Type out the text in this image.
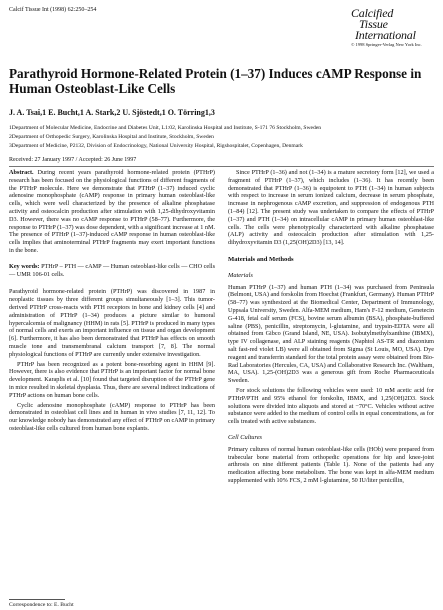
Calcif Tissue Int (1998) 62:250–254	Calcified
Tissue
International
© 1998 Springer-Verlag New York Inc.
Parathyroid Hormone-Related Protein (1–37) Induces cAMP Response in Human Osteoblast-Like Cells
J. A. Tsai,1 E. Bucht,1 A. Stark,2 U. Sjöstedt,1 O. Törring1,3
1Department of Molecular Medicine, Endocrine and Diabetes Unit, L1:02, Karolinska Hospital and Institute, S-171 76 Stockholm, Sweden
2Department of Orthopedic Surgery, Karolinska Hospital and Institute, Stockholm, Sweden
3Department of Medicine, P2132, Division of Endocrinology, National University Hospital, Rigshospitalet, Copenhagen, Denmark
Received: 27 January 1997 / Accepted: 26 June 1997

Abstract. During recent years parathyroid hormone-related protein (PTHrP) research has been focused on the physiological functions of different fragments of the PTHrP molecule. Here we demonstrate that PTHrP (1–37) induced cyclic adenosine monophosphate (cAMP) response in primary human osteoblast-like cells, which were well characterized by the presence of alkaline phosphatase activity and osteocalcin production after stimulation with 1,25-dihydroxyvitamin D3. However, there was no cAMP response to PTHrP (58–77). Furthermore, the response to PTHrP (1–37) was dose dependent, with a significant increase at 1 nM. The presence of PTHrP (1–37)-induced cAMP response in human osteoblast-like cells implies that aminoterminal PTHrP fragments may exert important functions in the bone.

Key words: PTHrP – PTH — cAMP — Human osteoblast-like cells — CHO cells — UMR 106-01 cells.

Parathyroid hormone-related protein (PTHrP) was discovered in 1987 in neoplastic tissues by three different groups simultaneously [1–3]. This tumor-derived PTHrP cross-reacts with PTH receptors in bone and kidney cells [4] and administration of PTHrP (1–34) produces a picture similar to humoral hypercalcemia of malignancy (HHM) in rats [5]. PTHrP is produced in many types of normal cells and exerts an important influence on tissue and organ development [6]. Furthermore, it has also been demonstrated that PTHrP has effects on smooth muscle tone and transmembranal calcium transport [7, 8]. The normal physiological functions of PTHrP are currently under extensive investigation.

PTHrP has been recognized as a potent bone-resorbing agent in HHM [9]. However, there is also evidence that PTHrP is an important factor for normal bone development. Karaplis et al. [10] found that targeted disruption of the PTHrP gene in mice resulted in skeletal dysplasia. Thus, there are several indirect indications of PTHrP actions on human bone cells.

Cyclic adenosine monophosphate (cAMP) response to PTHrP has been demonstrated in osteoblast cell lines and in human in vivo studies [7, 11, 12]. To our knowledge nobody has demonstrated any effect of PTHrP on cAMP in primary osteoblast-like cells cultured from human bone explants.

Since PTHrP (1–36) and not (1–34) is a mature secretory form [12], we used a fragment of PTHrP (1–37), which includes (1–36). It has recently been demonstrated that PTHrP (1–36) is equipotent to PTH (1–34) in human subjects with respect to increase in serum ionized calcium, decrease in serum phosphate, increase in nephrogenous cAMP excretion, and suppression of endogenous PTH (1–84) [12]. The present study was undertaken to compare the effects of PTHrP (1–37) and PTH (1–34) on intracellular cAMP in primary human osteoblast-like cells. The cells were phenotypically characterized with alkaline phosphatase (ALP) activity and osteocalcin production after stimulation with 1,25-dihydroxyvitamin D3 (1,25(OH)2D3) [13, 14].

Materials and Methods
Materials

Human PTHrP (1–37) and human PTH (1–34) was purchased from Peninsula (Belmont, USA) and forskolin from Hoechst (Frankfurt, Germany). Human PTHrP (58–77) was synthesized at the Biomedical Center, Department of Immunology, Uppsala University, Sweden. Alfa-MEM medium, Ham's F-12 medium, Genetecin G-418, fetal calf serum (FCS), bovine serum albumin (BSA), phosphate-buffered saline (PBS), penicillin, streptomycin, l-glutamine, and trypsin-EDTA were all obtained from Gibco (Grand Island, NE, USA). Isobutylmethylxanthine (IBMX), type IV collagenase, and ALP staining reagents (Naphtol AS-TR and diazonium salt fast-red violet LB) were all obtained from Sigma (St Louis, MO, USA). Dye reagent and transferrin standard for the total protein assay were obtained from Bio-Rad Laboratories (Hercules, CA, USA) and Collaborative Research Inc. (Waltham, MA, USA). 1,25-(OH)2D3 was a generous gift from Roche Pharmaceuticals Sweden.

For stock solutions the following vehicles were used: 10 mM acetic acid for PTHrP/PTH and 95% ethanol for forskolin, IBMX, and 1,25(OH)2D3. Stock solutions were divided into aliquots and stored at −70°C. Vehicles without active substance were added to the medium of control cells in equal concentrations, as for cells treated with active substances.

Cell Cultures

Primary cultures of normal human osteoblast-like cells (HOb) were prepared from trabecular bone material from orthopedic operations for hip and knee-joint arthrosis on nine different patients (Table 1). None of the patients had any medication affecting bone metabolism. The bone was kept in alfa-MEM medium supplemented with 10% FCS, 2 mM l-glutamine, 50 IU/liter penicillin,

Correspondence to: E. Bucht
